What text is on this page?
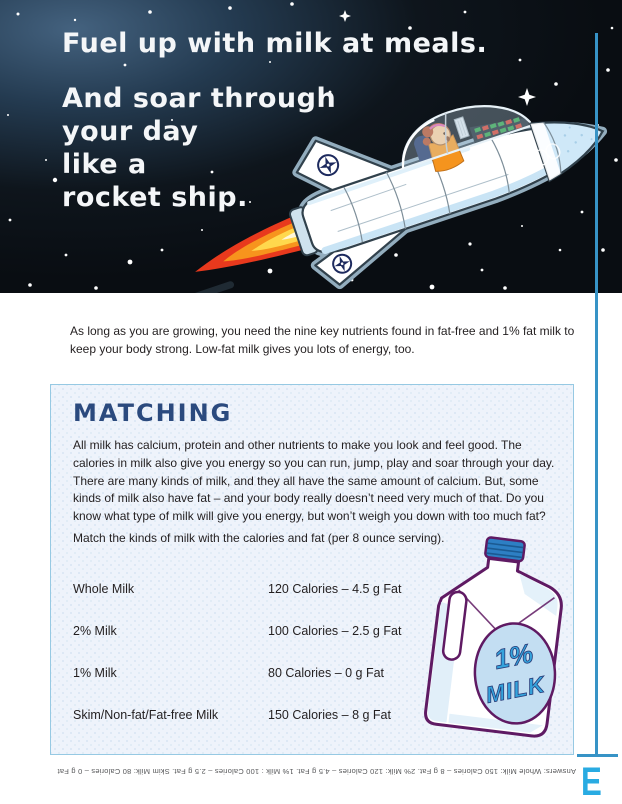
Fuel up with milk at meals.
And soar through
your day
like a
rocket ship.
E

As long as you are growing, you need the nine key nutrients found in fat-free and 1% fat milk to keep your body strong. Low-fat milk gives you lots of energy, too.

MATCHING

All milk has calcium, protein and other nutrients to make you look and feel good. The calories in milk also give you energy so you can run, jump, play and soar through your day. There are many kinds of milk, and they all have the same amount of calcium. But, some kinds of milk also have fat – and your body really doesn’t need very much of that. Do you know what type of milk will give you energy, but won’t weigh you down with too much fat?

Match the kinds of milk with the calories and fat (per 8 ounce serving).

Whole Milk	120 Calories – 4.5 g Fat
2% Milk	100 Calories – 2.5 g Fat
1% Milk	80 Calories – 0 g Fat
Skim/Non-fat/Fat-free Milk	150 Calories – 8 g Fat
1%
MILK
Answers: Whole Milk: 150 Calories – 8 g Fat. 2% Milk: 120 Calories – 4.5 g Fat. 1% Milk : 100 Calories – 2.5 g Fat. Skim Milk: 80 Calories – 0 g Fat
